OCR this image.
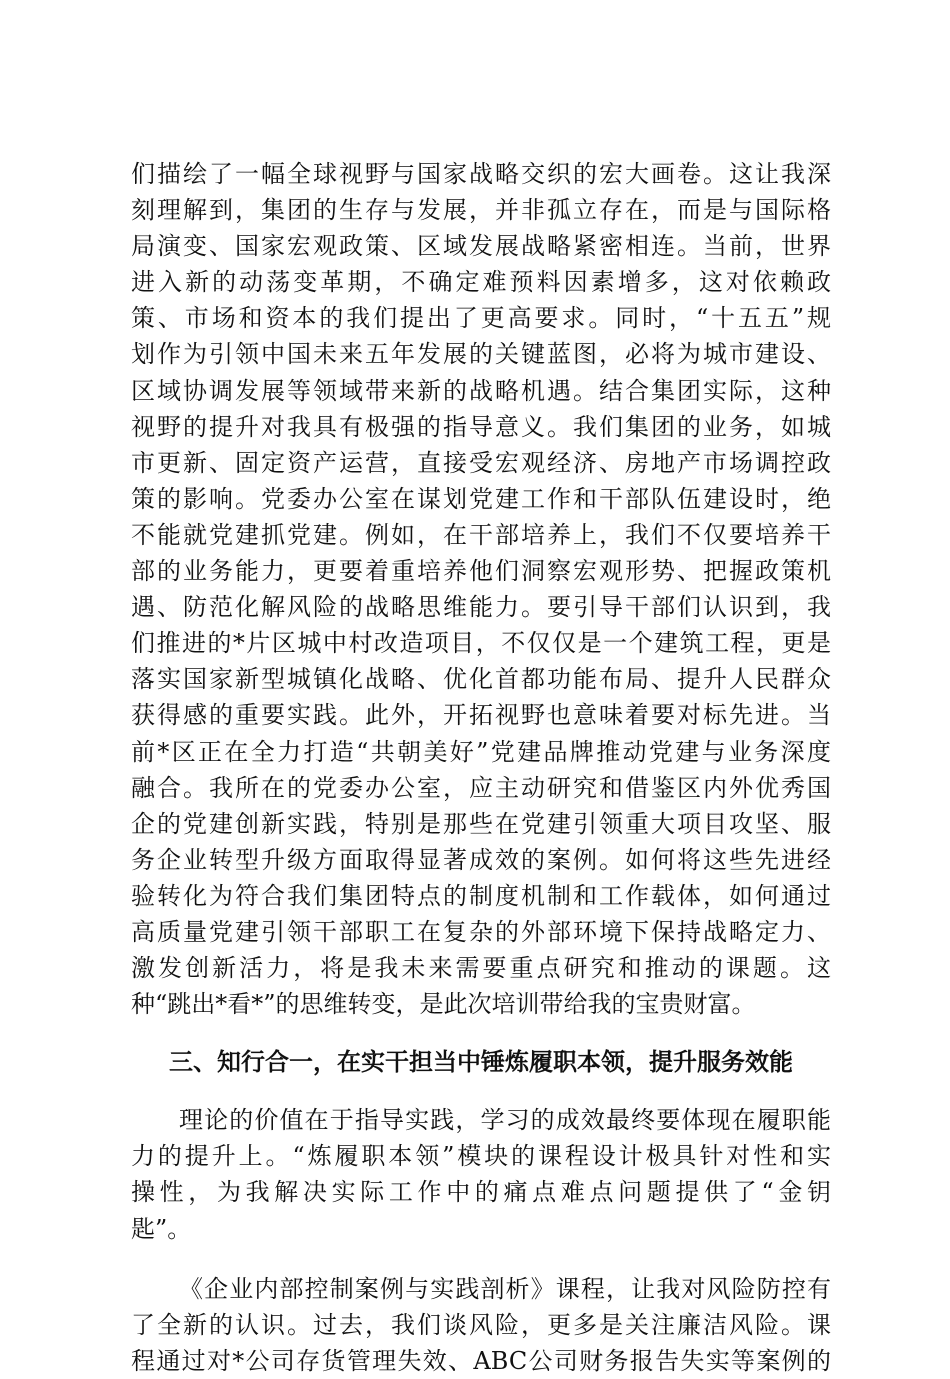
们描绘了一幅全球视野与国家战略交织的宏大画卷。这让我深
刻理解到，集团的生存与发展，并非孤立存在，而是与国际格
局演变、国家宏观政策、区域发展战略紧密相连。当前，世界
进入新的动荡变革期，不确定难预料因素增多，这对依赖政
策、市场和资本的我们提出了更高要求。同时，“十五五”规
划作为引领中国未来五年发展的关键蓝图，必将为城市建设、
区域协调发展等领域带来新的战略机遇。结合集团实际，这种
视野的提升对我具有极强的指导意义。我们集团的业务，如城
市更新、固定资产运营，直接受宏观经济、房地产市场调控政
策的影响。党委办公室在谋划党建工作和干部队伍建设时，绝
不能就党建抓党建。例如，在干部培养上，我们不仅要培养干
部的业务能力，更要着重培养他们洞察宏观形势、把握政策机
遇、防范化解风险的战略思维能力。要引导干部们认识到，我
们推进的*片区城中村改造项目，不仅仅是一个建筑工程，更是
落实国家新型城镇化战略、优化首都功能布局、提升人民群众
获得感的重要实践。此外，开拓视野也意味着要对标先进。当
前*区正在全力打造“共朝美好”党建品牌推动党建与业务深度
融合。我所在的党委办公室，应主动研究和借鉴区内外优秀国
企的党建创新实践，特别是那些在党建引领重大项目攻坚、服
务企业转型升级方面取得显著成效的案例。如何将这些先进经
验转化为符合我们集团特点的制度机制和工作载体，如何通过
高质量党建引领干部职工在复杂的外部环境下保持战略定力、
激发创新活力，将是我未来需要重点研究和推动的课题。这
种“跳出*看*”的思维转变，是此次培训带给我的宝贵财富。
三、知行合一，在实干担当中锤炼履职本领，提升服务效能
理论的价值在于指导实践，学习的成效最终要体现在履职能
力的提升上。“炼履职本领”模块的课程设计极具针对性和实
操性，为我解决实际工作中的痛点难点问题提供了“金钥
匙”。
《企业内部控制案例与实践剖析》课程，让我对风险防控有
了全新的认识。过去，我们谈风险，更多是关注廉洁风险。课
程通过对*公司存货管理失效、ABC公司财务报告失实等案例的
